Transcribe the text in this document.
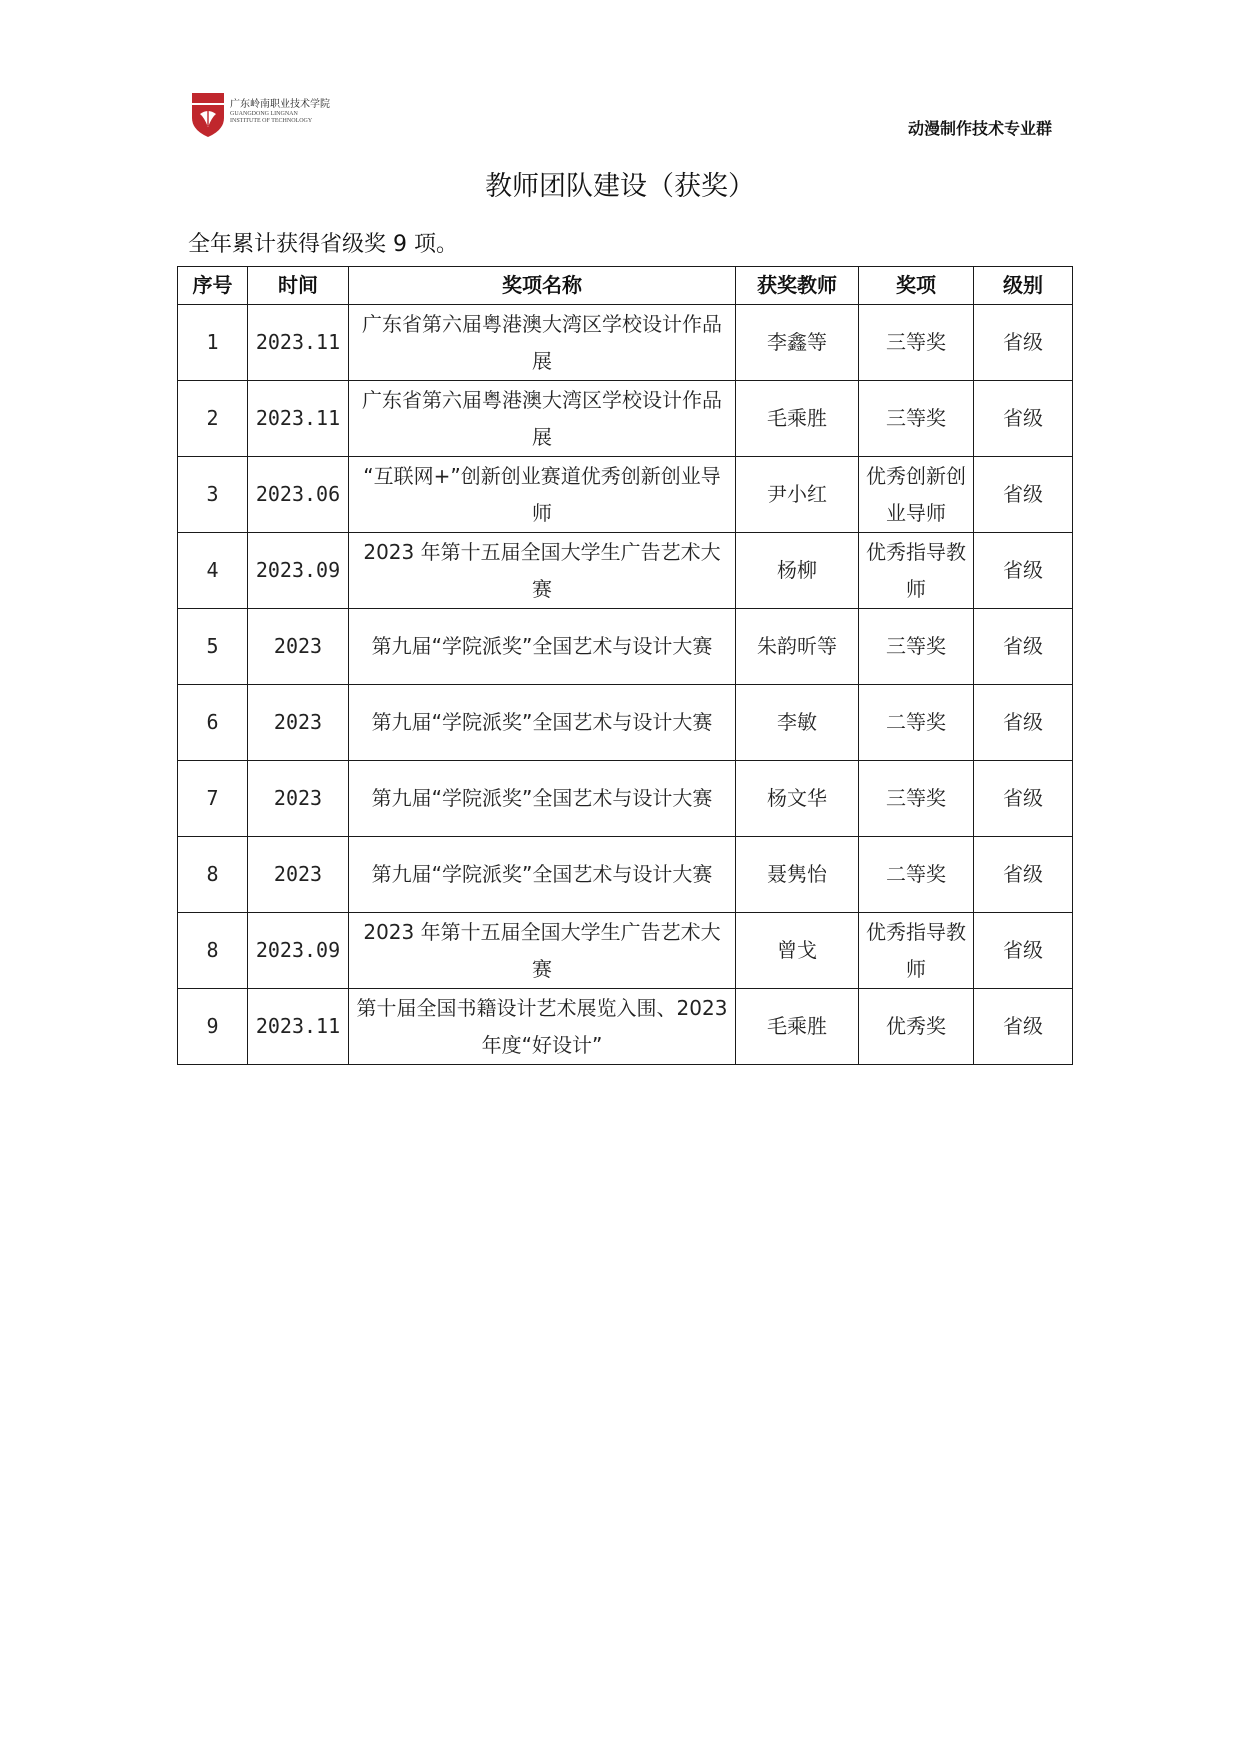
广东岭南职业技术学院
GUANGDONG LINGNAN
INSTITUTE OF TECHNOLOGY	动漫制作技术专业群
教师团队建设（获奖）
全年累计获得省级奖 9 项。
序号	时间	奖项名称	获奖教师	奖项	级别
1	2023.11	广东省第六届粤港澳大湾区学校设计作品展	李鑫等	三等奖	省级
2	2023.11	广东省第六届粤港澳大湾区学校设计作品展	毛乘胜	三等奖	省级
3	2023.06	“互联网+”创新创业赛道优秀创新创业导师	尹小红	优秀创新创业导师	省级
4	2023.09	2023 年第十五届全国大学生广告艺术大赛	杨柳	优秀指导教师	省级
5	2023	第九届“学院派奖”全国艺术与设计大赛	朱韵昕等	三等奖	省级
6	2023	第九届“学院派奖”全国艺术与设计大赛	李敏	二等奖	省级
7	2023	第九届“学院派奖”全国艺术与设计大赛	杨文华	三等奖	省级
8	2023	第九届“学院派奖”全国艺术与设计大赛	聂隽怡	二等奖	省级
8	2023.09	2023 年第十五届全国大学生广告艺术大赛	曾戈	优秀指导教师	省级
9	2023.11	第十届全国书籍设计艺术展览入围、2023 年度“好设计”	毛乘胜	优秀奖	省级
